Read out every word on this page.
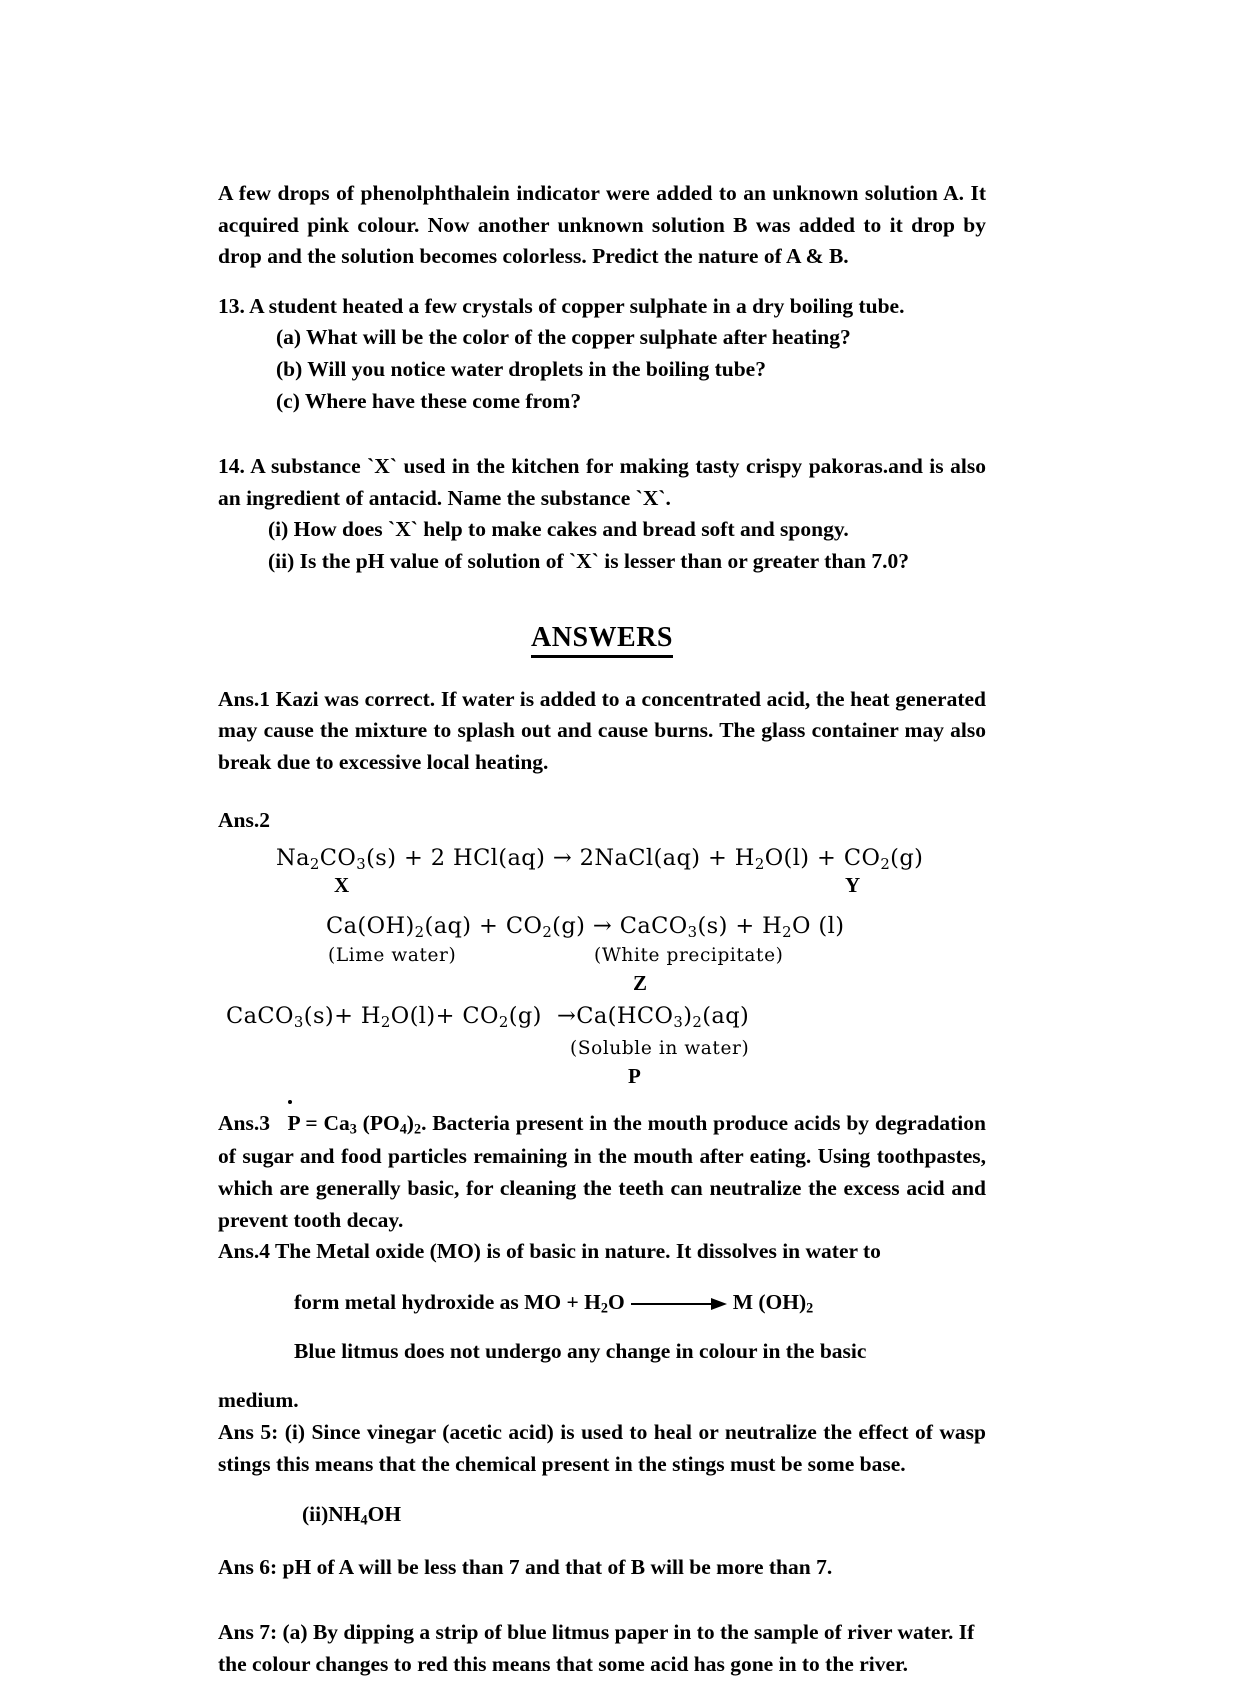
A few drops of phenolphthalein indicator were added to an unknown solution A. It acquired pink colour. Now another unknown solution B was added to it drop by drop and the solution becomes colorless. Predict the nature of A & B.

13. A student heated a few crystals of copper sulphate in a dry boiling tube.

(a) What will be the color of the copper sulphate after heating?

(b) Will you notice water droplets in the boiling tube?

(c) Where have these come from?

14. A substance `X` used in the kitchen for making tasty crispy pakoras.and is also an ingredient of antacid. Name the substance `X`.

(i) How does `X` help to make cakes and bread soft and spongy.

(ii) Is the pH value of solution of `X` is lesser than or greater than 7.0?

ANSWERS

Ans.1 Kazi was correct. If water is added to a concentrated acid, the heat generated may cause the mixture to splash out and cause burns. The glass container may also break due to excessive local heating.

Ans.2

$Na_2CO_3(s) + 2$ HCl(aq) → 2NaCl(aq) + $H_2O(l) + CO_2(g)$
X	Y
$Ca(OH)_2(aq) + CO_2(g)$ → CaCO$_3$(s) + $H_2O$ (l)
(Lime water)	(White precipitate)
Z
CaCO$_3$(s)+ $H_2O(l)+ CO_2(g) \to Ca(HCO_3)_2(aq)$
(Soluble in water)
P

Ans.3   $P = Ca_3$ $(PO_4)_2$. Bacteria present in the mouth produce acids by degradation of sugar and food particles remaining in the mouth after eating. Using toothpastes, which are generally basic, for cleaning the teeth can neutralize the excess acid and prevent tooth decay.

Ans.4 The Metal oxide (MO) is of basic in nature. It dissolves in water to

form metal hydroxide as MO + $H_2O$	M $(OH)_2$

Blue litmus does not undergo any change in colour in the basic

medium.

Ans 5: (i) Since vinegar (acetic acid) is used to heal or neutralize the effect of wasp stings this means that the chemical present in the stings must be some base.

$(ii)NH_4OH$

Ans 6: pH of A will be less than 7 and that of B will be more than 7.

Ans 7: (a) By dipping a strip of blue litmus paper in to the sample of river water. If the colour changes to red this means that some acid has gone in to the river.
